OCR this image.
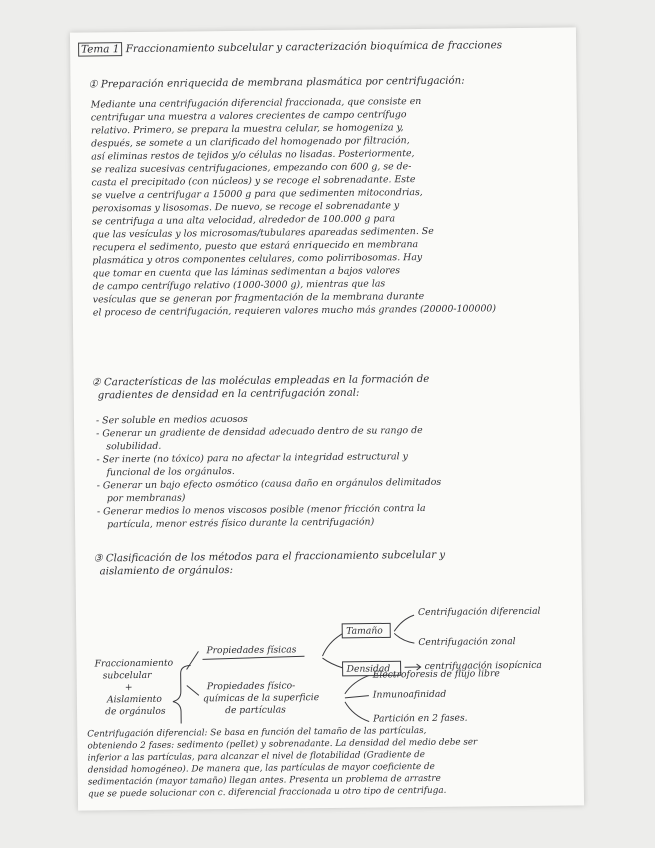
Tema 1 Fraccionamiento subcelular y caracterización bioquímica de fracciones
① Preparación enriquecida de membrana plasmática por centrifugación:
Mediante una centrifugación diferencial fraccionada, que consiste en
centrifugar una muestra a valores crecientes de campo centrífugo
relativo. Primero, se prepara la muestra celular, se homogeniza y,
después, se somete a un clarificado del homogenado por filtración,
así eliminas restos de tejidos y/o células no lisadas. Posteriormente,
se realiza sucesivas centrifugaciones, empezando con 600 g, se de-
casta el precipitado (con núcleos) y se recoge el sobrenadante. Este
se vuelve a centrifugar a 15000 g para que sedimenten mitocondrias,
peroxisomas y lisosomas. De nuevo, se recoge el sobrenadante y
se centrifuga a una alta velocidad, alrededor de 100.000 g para
que las vesículas y los microsomas/tubulares apareadas sedimenten. Se
recupera el sedimento, puesto que estará enriquecido en membrana
plasmática y otros componentes celulares, como polirribosomas. Hay
que tomar en cuenta que las láminas sedimentan a bajos valores
de campo centrífugo relativo (1000-3000 g), mientras que las
vesículas que se generan por fragmentación de la membrana durante
el proceso de centrifugación, requieren valores mucho más grandes (20000-100000)
② Características de las moléculas empleadas en la formación de
gradientes de densidad en la centrifugación zonal:
- Ser soluble en medios acuosos
- Generar un gradiente de densidad adecuado dentro de su rango de
solubilidad.
- Ser inerte (no tóxico) para no afectar la integridad estructural y
funcional de los orgánulos.
- Generar un bajo efecto osmótico (causa daño en orgánulos delimitados
por membranas)
- Generar medios lo menos viscosos posible (menor fricción contra la
partícula, menor estrés físico durante la centrifugación)
③ Clasificación de los métodos para el fraccionamiento subcelular y
aislamiento de orgánulos:
Fraccionamiento
subcelular
+
Aislamiento
de orgánulos
Propiedades físicas
Tamaño
Centrifugación diferencial
Centrifugación zonal
Densidad	centrifugación isopícnica
Propiedades físico-
químicas de la superficie
de partículas
Electroforesis de flujo libre
Inmunoafinidad
Partición en 2 fases.
Centrifugación diferencial: Se basa en función del tamaño de las partículas,
obteniendo 2 fases: sedimento (pellet) y sobrenadante. La densidad del medio debe ser
inferior a las partículas, para alcanzar el nivel de flotabilidad (Gradiente de
densidad homogéneo). De manera que, las partículas de mayor coeficiente de
sedimentación (mayor tamaño) llegan antes. Presenta un problema de arrastre
que se puede solucionar con c. diferencial fraccionada u otro tipo de centrifuga.
